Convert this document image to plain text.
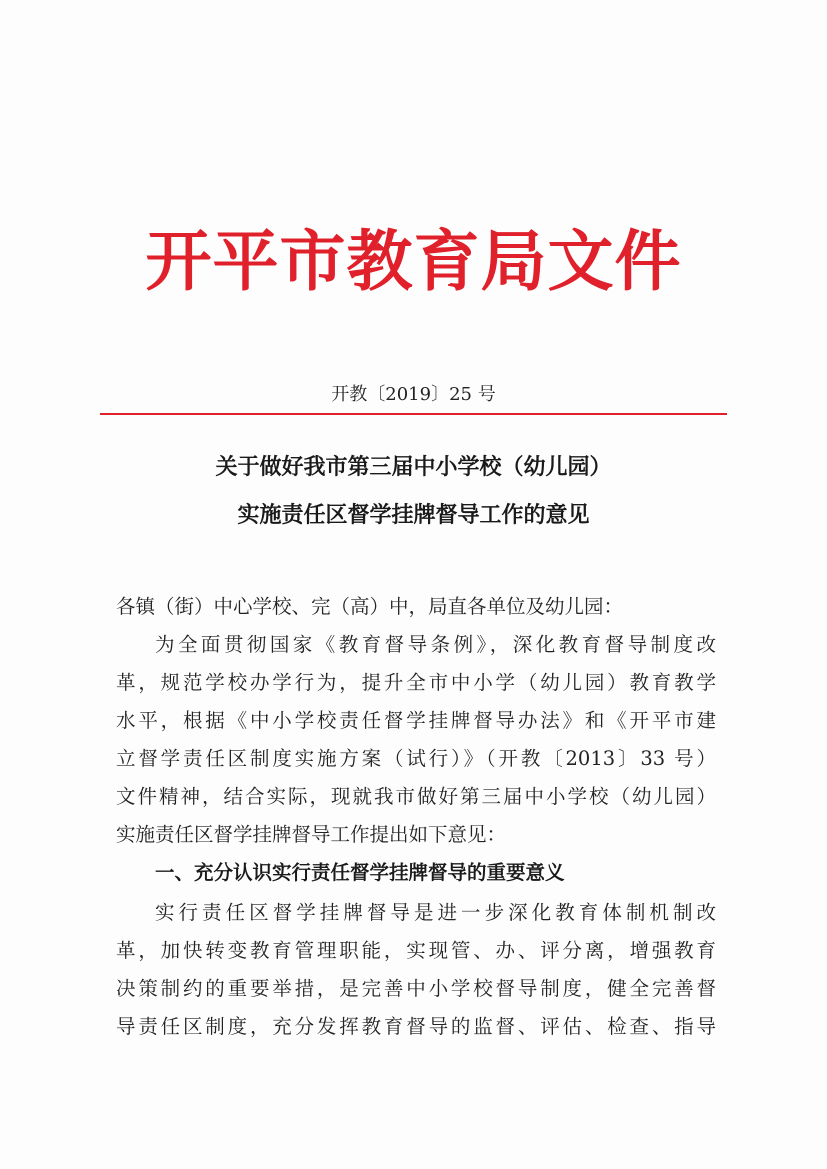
开平市教育局文件
开教〔2019〕25 号
关于做好我市第三届中小学校（幼儿园）
实施责任区督学挂牌督导工作的意见
各镇（街）中心学校、完（高）中，局直各单位及幼儿园：
为全面贯彻国家《教育督导条例》，深化教育督导制度改
革，规范学校办学行为，提升全市中小学（幼儿园）教育教学
水平，根据《中小学校责任督学挂牌督导办法》和《开平市建
立督学责任区制度实施方案（试行）》（开教〔2013〕33 号）
文件精神，结合实际，现就我市做好第三届中小学校（幼儿园）
实施责任区督学挂牌督导工作提出如下意见：
一、充分认识实行责任督学挂牌督导的重要意义
实行责任区督学挂牌督导是进一步深化教育体制机制改
革，加快转变教育管理职能，实现管、办、评分离，增强教育
决策制约的重要举措，是完善中小学校督导制度，健全完善督
导责任区制度，充分发挥教育督导的监督、评估、检查、指导
